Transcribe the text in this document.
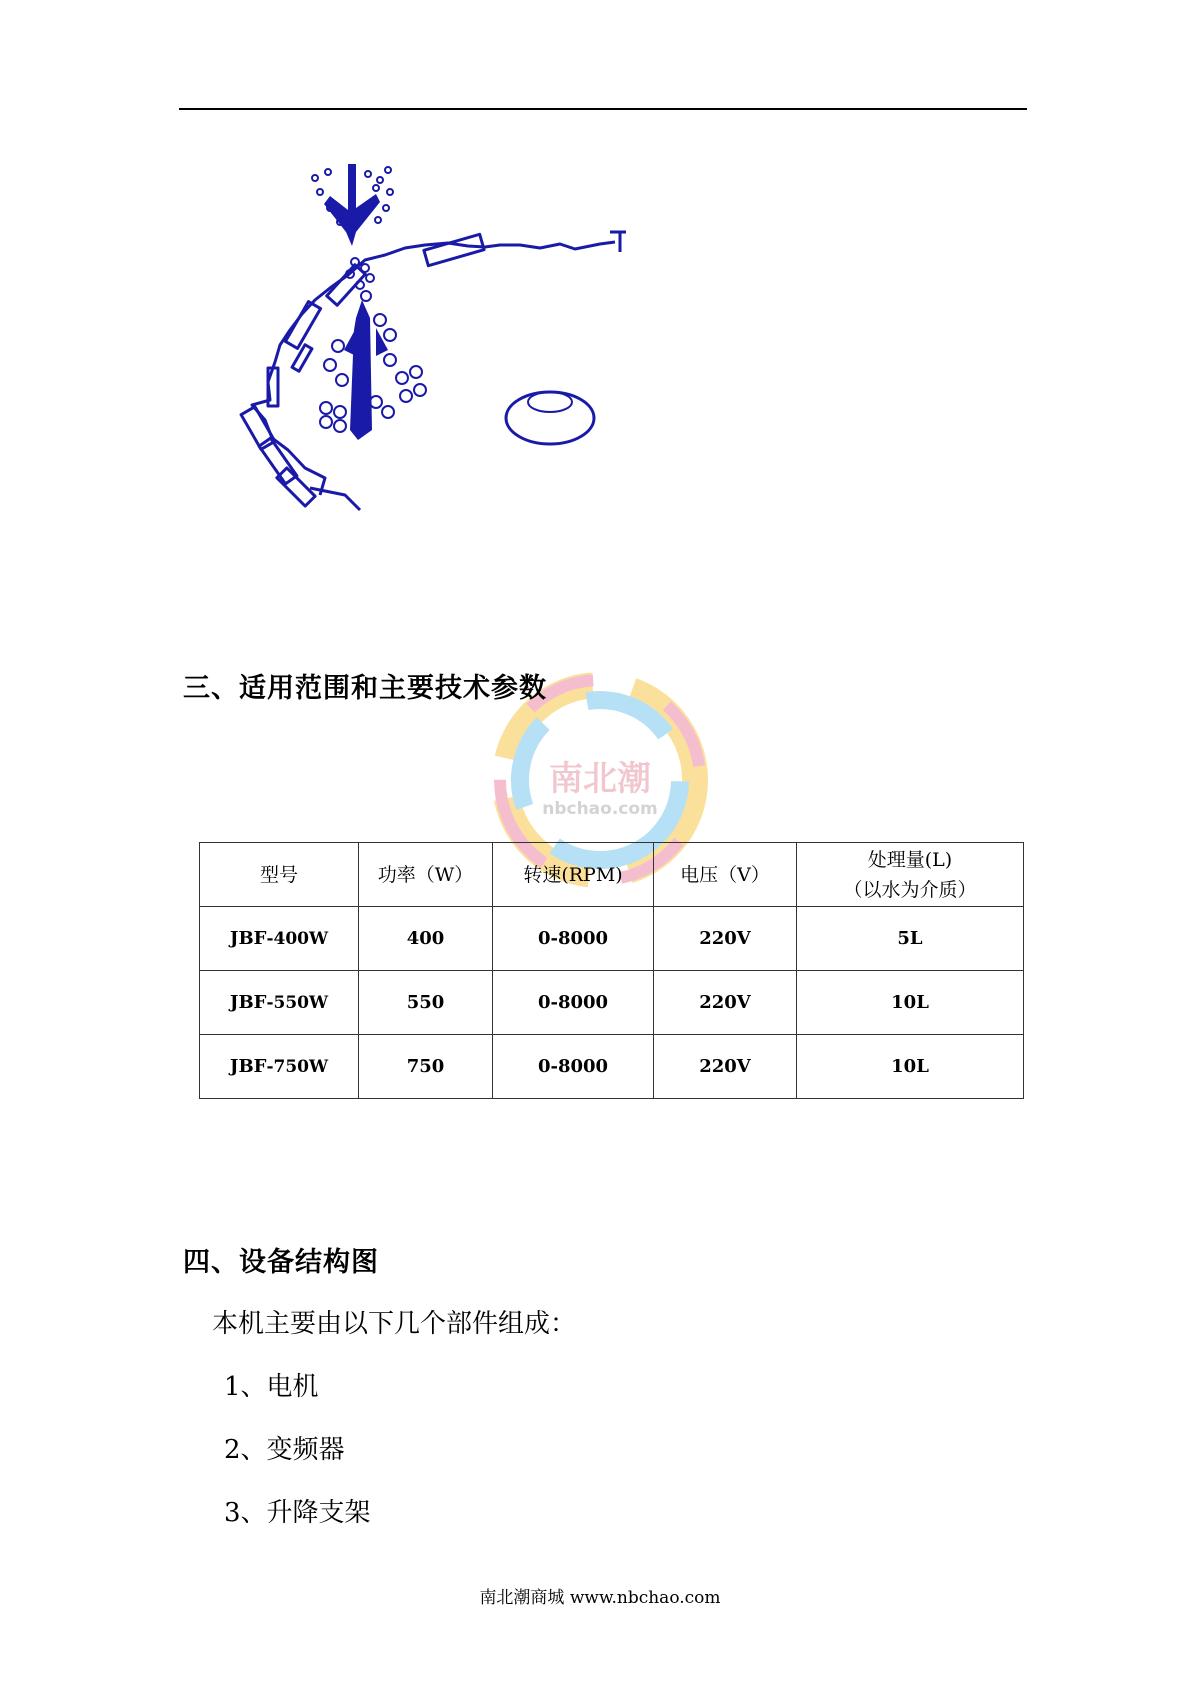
南北潮
nbchao.com
三、适用范围和主要技术参数
型号	功率（W）	转速(RPM)	电压（V）	处理量(L)
（以水为介质）

JBF-400W	400	0-8000	220V	5L
JBF-550W	550	0-8000	220V	10L
JBF-750W	750	0-8000	220V	10L
四、设备结构图
本机主要由以下几个部件组成：
1、电机
2、变频器
3、升降支架
南北潮商城 www.nbchao.com
